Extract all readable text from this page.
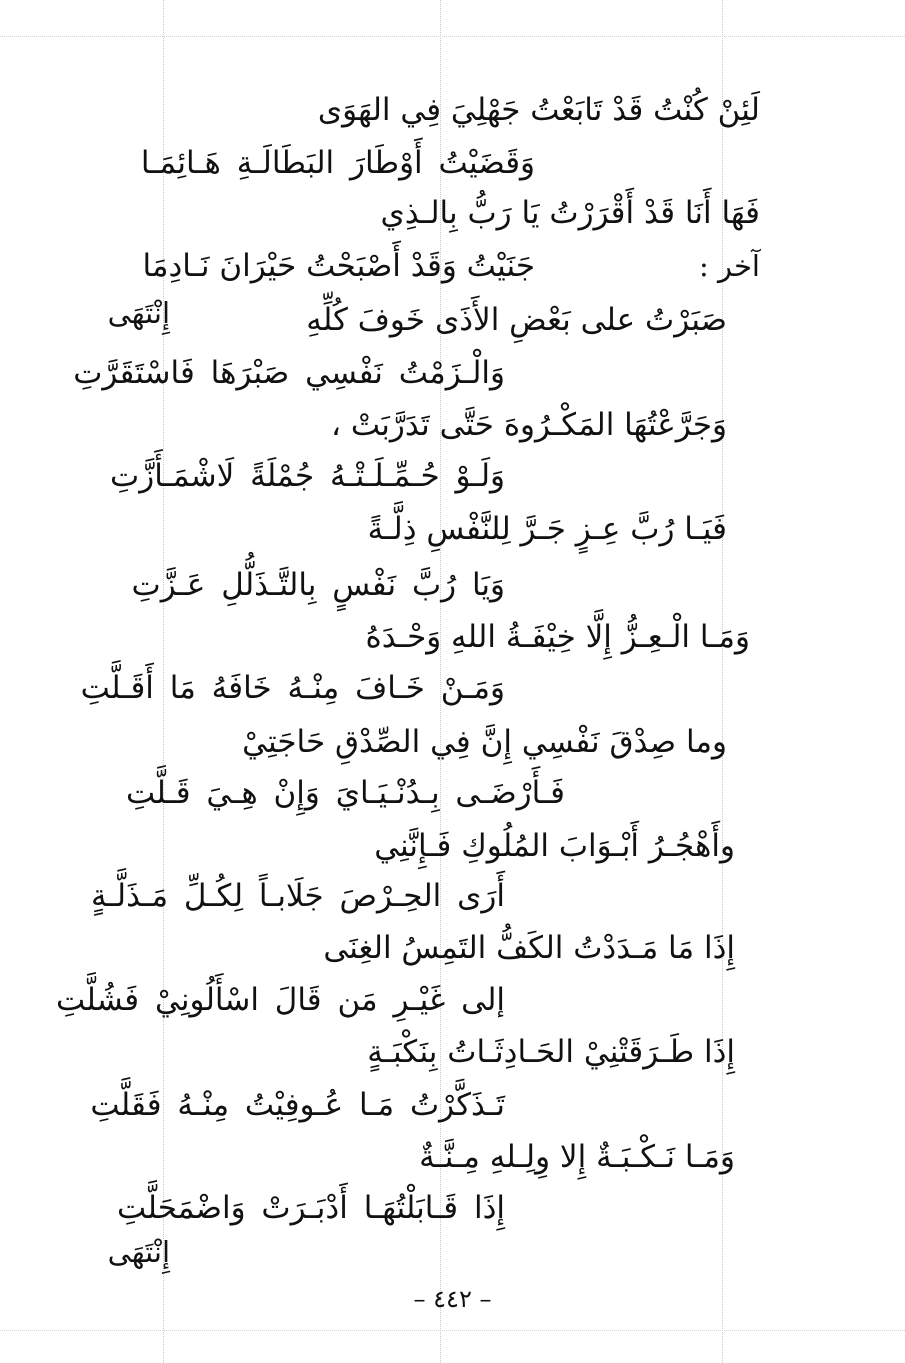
لَئِنْ كُنْتُ قَدْ تَابَعْتُ جَهْلِيَ فِي الهَوَى
وَقَضَيْتُ أَوْطَارَ البَطَالَـةِ هَـائِمَـا
فَهَا أَنَا قَدْ أَقْرَرْتُ يَا رَبُّ بِالـذِي
آخر :
جَنَيْتُ وَقَدْ أَصْبَحْتُ حَيْرَانَ نَـادِمَا
صَبَرْتُ على بَعْضِ الأَذَى خَوفَ كُلِّهِ
إِنْتَهَى
وَالْـزَمْتُ نَفْسِي صَبْرَهَا فَاسْتَقَرَّتِ
وَجَرَّعْتُهَا المَكْـرُوهَ حَتَّى تَدَرَّبَتْ ،
وَلَـوْ حُـمِّـلَـتْـهُ جُمْلَةً لَاشْمَـأَزَّتِ
فَيَـا رُبَّ عِـزٍ جَـرَّ لِلنَّفْسِ ذِلَّـةً
وَيَا رُبَّ نَفْسٍ بِالتَّـذَلُّلِ عَـزَّتِ
وَمَـا الْـعِـزُّ إِلَّا خِيْفَـةُ اللهِ وَحْـدَهُ
وَمَـنْ خَـافَ مِنْـهُ خَافَهُ مَا أَقَـلَّتِ
وما صِدْقَ نَفْسِي إِنَّ فِي الصِّدْقِ حَاجَتِيْ
فَـأَرْضَـى بِـدُنْـيَـايَ وَإِنْ هِـيَ قَـلَّتِ
وأَهْجُـرُ أَبْـوَابَ المُلُوكِ فَـإِنَّنِي
أَرَى الحِـرْصَ جَلَابـاً لِكُـلِّ مَـذَلَّـةٍ
إِذَا مَا مَـدَدْتُ الكَفُّ التَمِسُ الغِنَى
إلى غَيْـرِ مَن قَالَ اسْأَلُونِيْ فَشُلَّتِ
إِذَا طَـرَقَتْنِيْ الحَـادِثَـاتُ بِنَكْبَـةٍ
تَـذَكَّرْتُ مَـا عُـوفِيْتُ مِنْـهُ فَقَلَّتِ
وَمَـا نَـكْـبَـةٌ إِلا وِلِـلهِ مِـنَّـةٌ
إِذَا قَـابَلْتُهَـا أَدْبَـرَتْ وَاضْمَحَلَّتِ
إِنْتَهَى
– ٤٤٢ –
